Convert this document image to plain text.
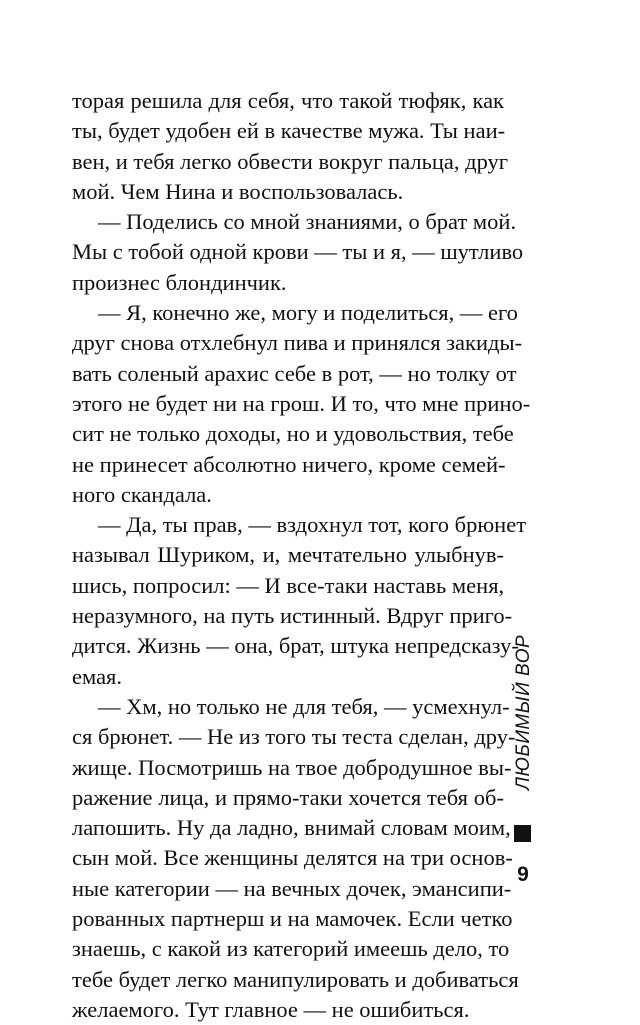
торая решила для себя, что такой тюфяк, как
ты, будет удобен ей в качестве мужа. Ты наи-
вен, и тебя легко обвести вокруг пальца, друг
мой. Чем Нина и воспользовалась.
— Поделись со мной знаниями, о брат мой.
Мы с тобой одной крови — ты и я, — шутливо
произнес блондинчик.
— Я, конечно же, могу и поделиться, — его
друг снова отхлебнул пива и принялся закиды-
вать соленый арахис себе в рот, — но толку от
этого не будет ни на грош. И то, что мне прино-
сит не только доходы, но и удовольствия, тебе
не принесет абсолютно ничего, кроме семей-
ного скандала.
— Да, ты прав, — вздохнул тот, кого брюнет
называл Шуриком, и, мечтательно улыбнув-
шись, попросил: — И все-таки наставь меня,
неразумного, на путь истинный. Вдруг приго-
дится. Жизнь — она, брат, штука непредсказу-
емая.
— Хм, но только не для тебя, — усмехнул-
ся брюнет. — Не из того ты теста сделан, дру-
жище. Посмотришь на твое добродушное вы-
ражение лица, и прямо-таки хочется тебя об-
лапошить. Ну да ладно, внимай словам моим,
сын мой. Все женщины делятся на три основ-
ные категории — на вечных дочек, эмансипи-
рованных партнерш и на мамочек. Если четко
знаешь, с какой из категорий имеешь дело, то
тебе будет легко манипулировать и добиваться
желаемого. Тут главное — не ошибиться.
ЛЮБИМЫЙ ВОР
9
